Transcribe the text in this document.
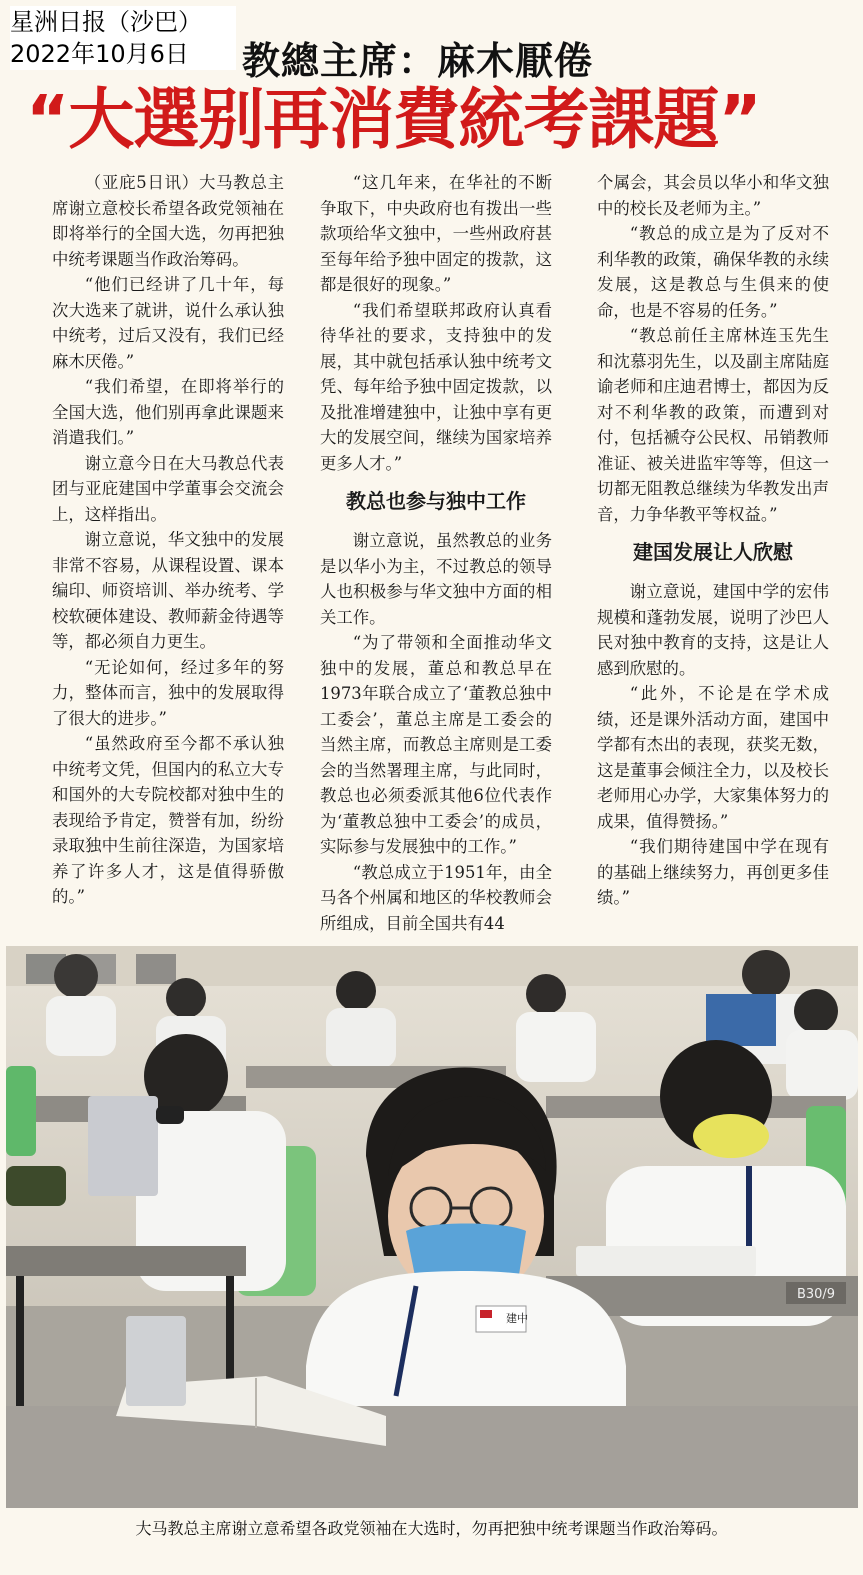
星洲日报（沙巴）
2022年10月6日	教總主席：麻木厭倦
“大選别再消費統考課題”

（亚庇5日讯）大马教总主席谢立意校长希望各政党领袖在即将举行的全国大选，勿再把独中统考课题当作政治筹码。

“他们已经讲了几十年，每次大选来了就讲，说什么承认独中统考，过后又没有，我们已经麻木厌倦。”

“我们希望，在即将举行的全国大选，他们别再拿此课题来消遣我们。”

谢立意今日在大马教总代表团与亚庇建国中学董事会交流会上，这样指出。

谢立意说，华文独中的发展非常不容易，从课程设置、课本编印、师资培训、举办统考、学校软硬体建设、教师薪金待遇等等，都必须自力更生。

“无论如何，经过多年的努力，整体而言，独中的发展取得了很大的进步。”

“虽然政府至今都不承认独中统考文凭，但国内的私立大专和国外的大专院校都对独中生的表现给予肯定，赞誉有加，纷纷录取独中生前往深造，为国家培养了许多人才，这是值得骄傲的。”

“这几年来，在华社的不断争取下，中央政府也有拨出一些款项给华文独中，一些州政府甚至每年给予独中固定的拨款，这都是很好的现象。”

“我们希望联邦政府认真看待华社的要求，支持独中的发展，其中就包括承认独中统考文凭、每年给予独中固定拨款，以及批准增建独中，让独中享有更大的发展空间，继续为国家培养更多人才。”

教总也参与独中工作

谢立意说，虽然教总的业务是以华小为主，不过教总的领导人也积极参与华文独中方面的相关工作。

“为了带领和全面推动华文独中的发展，董总和教总早在1973年联合成立了‘董教总独中工委会’，董总主席是工委会的当然主席，而教总主席则是工委会的当然署理主席，与此同时，教总也必须委派其他6位代表作为‘董教总独中工委会’的成员，实际参与发展独中的工作。”

“教总成立于1951年，由全马各个州属和地区的华校教师会所组成，目前全国共有44

个属会，其会员以华小和华文独中的校长及老师为主。”

“教总的成立是为了反对不利华教的政策，确保华教的永续发展，这是教总与生俱来的使命，也是不容易的任务。”

“教总前任主席林连玉先生和沈慕羽先生，以及副主席陆庭谕老师和庄迪君博士，都因为反对不利华教的政策，而遭到对付，包括褫夺公民权、吊销教师准证、被关进监牢等等，但这一切都无阻教总继续为华教发出声音，力争华教平等权益。”

建国发展让人欣慰

谢立意说，建国中学的宏伟规模和蓬勃发展，说明了沙巴人民对独中教育的支持，这是让人感到欣慰的。

“此外，不论是在学术成绩，还是课外活动方面，建国中学都有杰出的表现，获奖无数，这是董事会倾注全力，以及校长老师用心办学，大家集体努力的成果，值得赞扬。”

“我们期待建国中学在现有的基础上继续努力，再创更多佳绩。”

B30/9
建中
大马教总主席谢立意希望各政党领袖在大选时，勿再把独中统考课题当作政治筹码。
